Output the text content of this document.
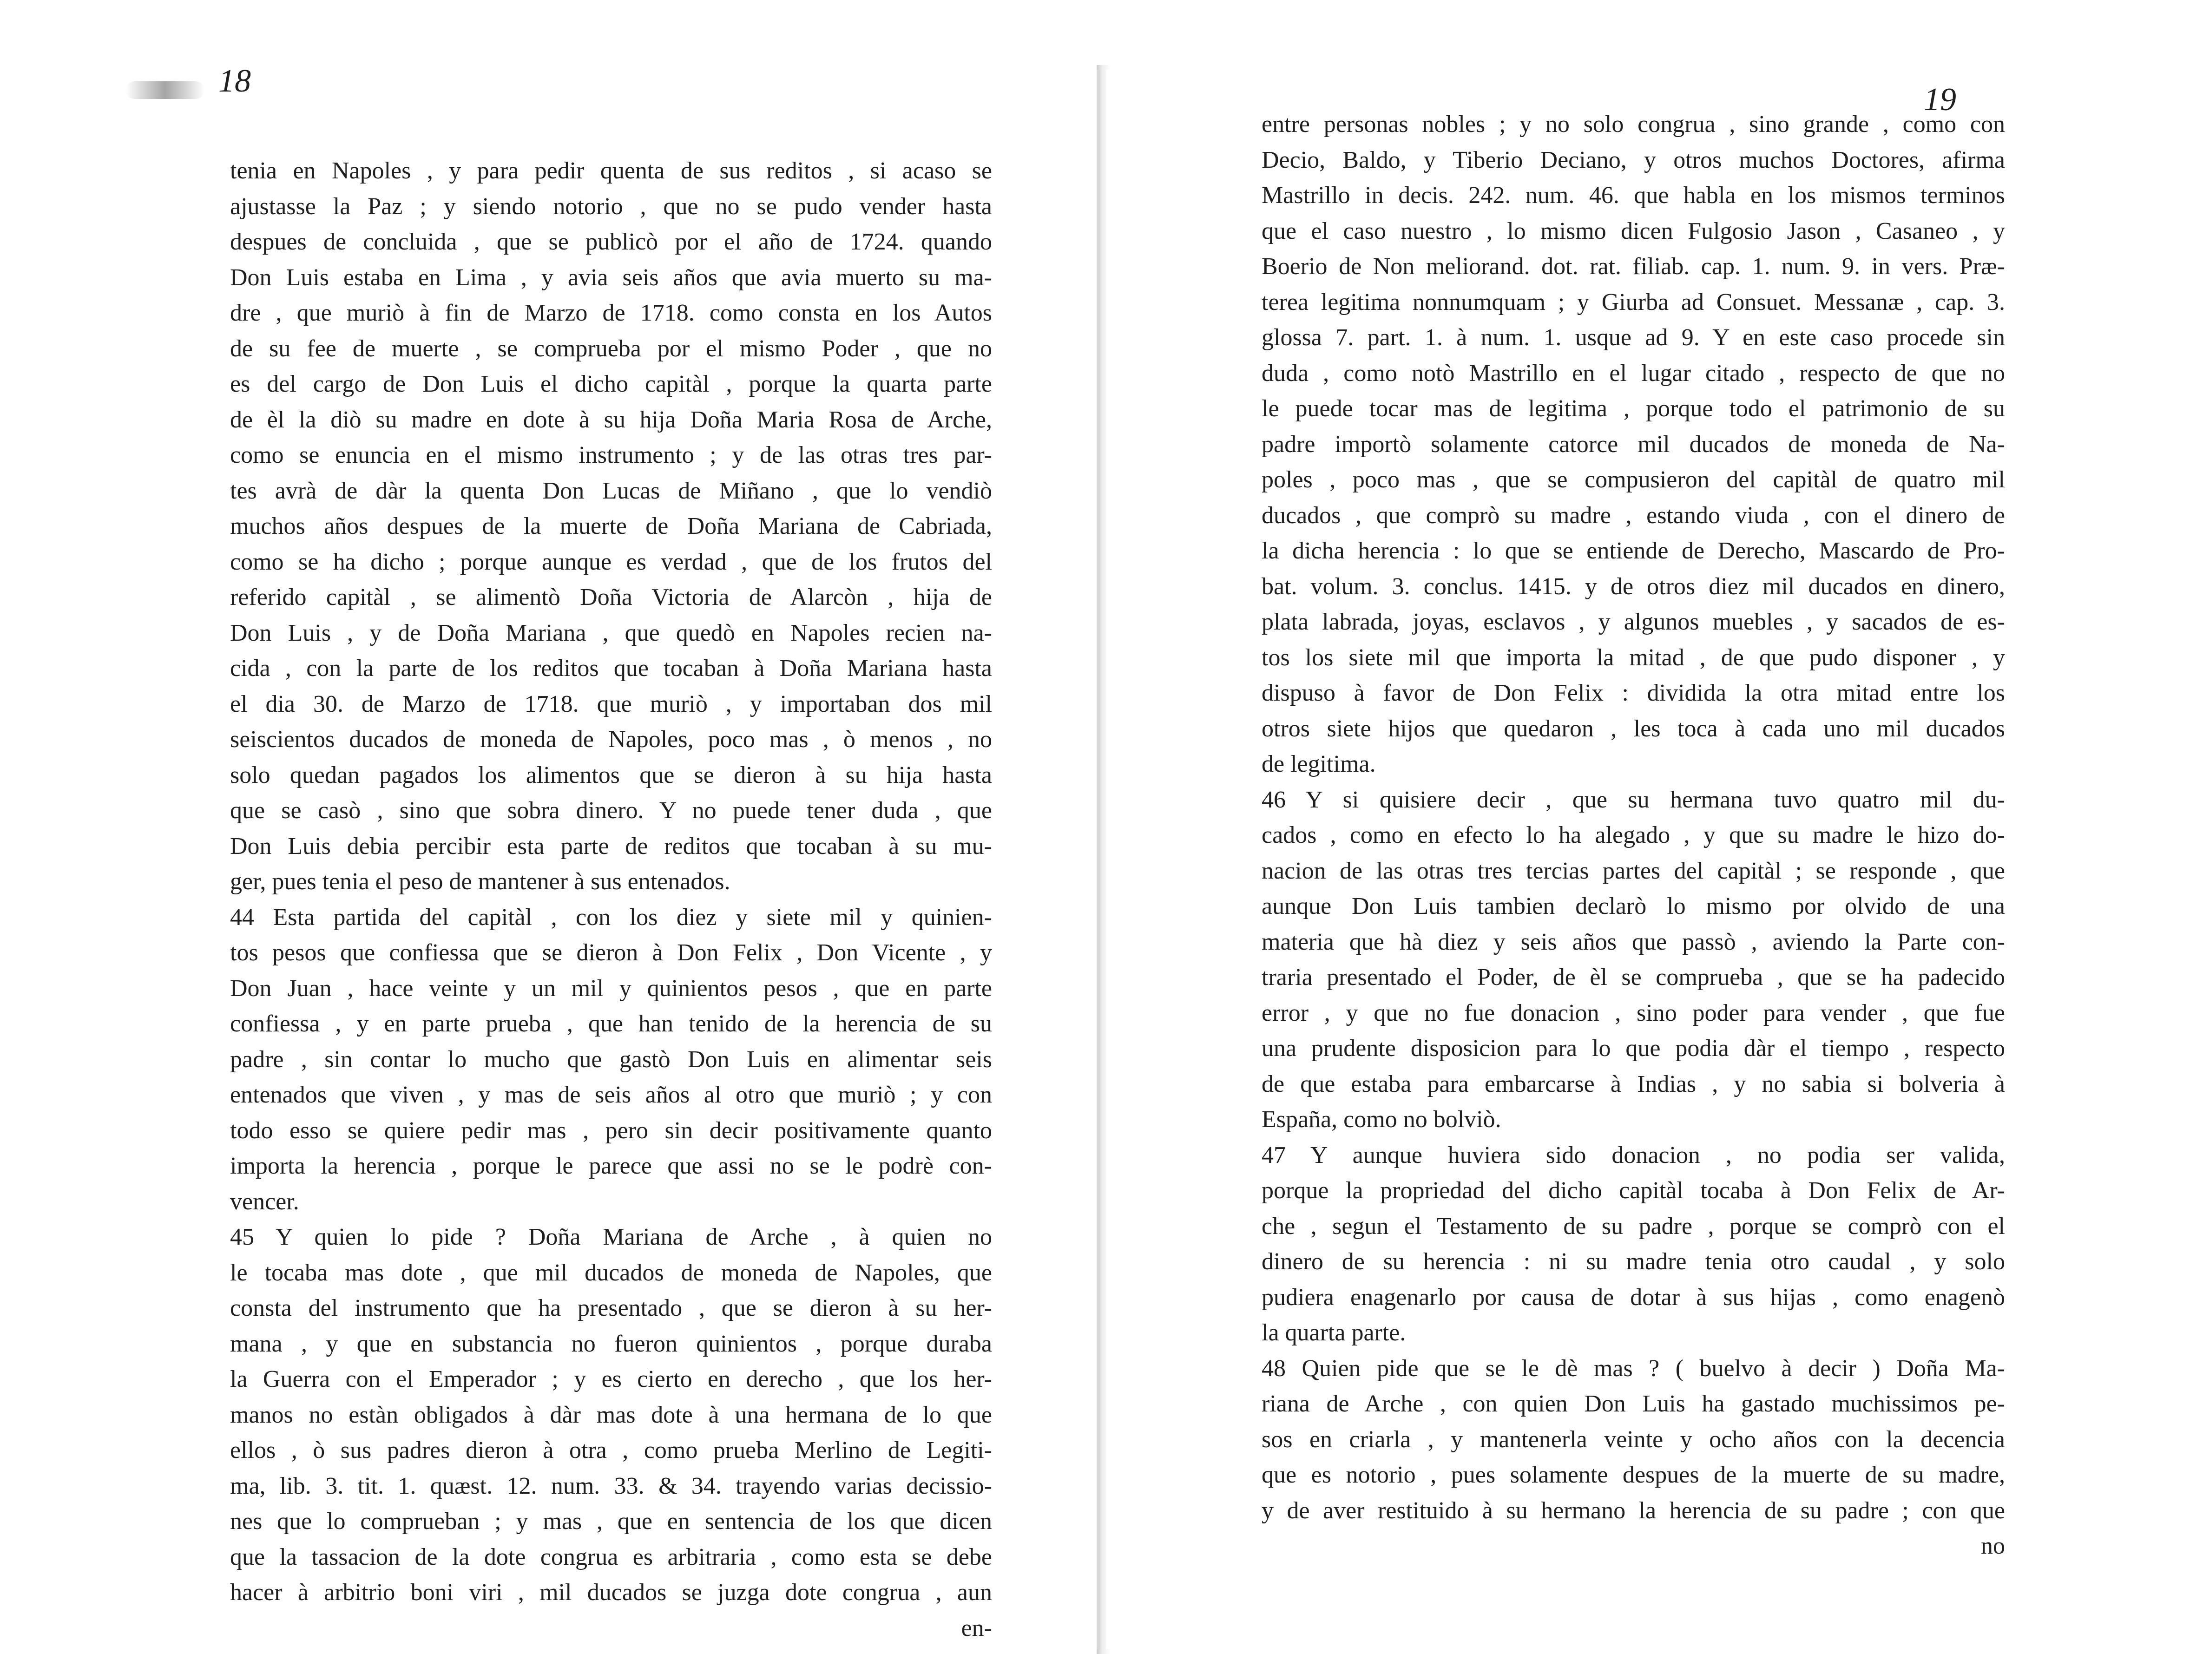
18
19
tenia en Napoles , y para pedir quenta de sus reditos , si acaso se
ajustasse la Paz ; y siendo notorio , que no se pudo vender hasta
despues de concluida , que se publicò por el año de 1724. quando
Don Luis estaba en Lima , y avia seis años que avia muerto su ma-
dre , que muriò à fin de Marzo de 1718. como consta en los Autos
de su fee de muerte , se comprueba por el mismo Poder , que no
es del cargo de Don Luis el dicho capitàl , porque la quarta parte
de èl la diò su madre en dote à su hija Doña Maria Rosa de Arche,
como se enuncia en el mismo instrumento ; y de las otras tres par-
tes avrà de dàr la quenta Don Lucas de Miñano , que lo vendiò
muchos años despues de la muerte de Doña Mariana de Cabriada,
como se ha dicho ; porque aunque es verdad , que de los frutos del
referido capitàl , se alimentò Doña Victoria de Alarcòn , hija de
Don Luis , y de Doña Mariana , que quedò en Napoles recien na-
cida , con la parte de los reditos que tocaban à Doña Mariana hasta
el dia 30. de Marzo de 1718. que muriò , y importaban dos mil
seiscientos ducados de moneda de Napoles, poco mas , ò menos , no
solo quedan pagados los alimentos que se dieron à su hija hasta
que se casò , sino que sobra dinero. Y no puede tener duda , que
Don Luis debia percibir esta parte de reditos que tocaban à su mu-
ger, pues tenia el peso de mantener à sus entenados.
44 Esta partida del capitàl , con los diez y siete mil y quinien-
tos pesos que confiessa que se dieron à Don Felix , Don Vicente , y
Don Juan , hace veinte y un mil y quinientos pesos , que en parte
confiessa , y en parte prueba , que han tenido de la herencia de su
padre , sin contar lo mucho que gastò Don Luis en alimentar seis
entenados que viven , y mas de seis años al otro que muriò ; y con
todo esso se quiere pedir mas , pero sin decir positivamente quanto
importa la herencia , porque le parece que assi no se le podrè con-
vencer.
45 Y quien lo pide ? Doña Mariana de Arche , à quien no
le tocaba mas dote , que mil ducados de moneda de Napoles, que
consta del instrumento que ha presentado , que se dieron à su her-
mana , y que en substancia no fueron quinientos , porque duraba
la Guerra con el Emperador ; y es cierto en derecho , que los her-
manos no estàn obligados à dàr mas dote à una hermana de lo que
ellos , ò sus padres dieron à otra , como prueba Merlino de Legiti-
ma, lib. 3. tit. 1. quæst. 12. num. 33. & 34. trayendo varias decissio-
nes que lo comprueban ; y mas , que en sentencia de los que dicen
que la tassacion de la dote congrua es arbitraria , como esta se debe
hacer à arbitrio boni viri , mil ducados se juzga dote congrua , aun
en-
entre personas nobles ; y no solo congrua , sino grande , como con
Decio, Baldo, y Tiberio Deciano, y otros muchos Doctores, afirma
Mastrillo in decis. 242. num. 46. que habla en los mismos terminos
que el caso nuestro , lo mismo dicen Fulgosio Jason , Casaneo , y
Boerio de Non meliorand. dot. rat. filiab. cap. 1. num. 9. in vers. Præ-
terea legitima nonnumquam ; y Giurba ad Consuet. Messanæ , cap. 3.
glossa 7. part. 1. à num. 1. usque ad 9. Y en este caso procede sin
duda , como notò Mastrillo en el lugar citado , respecto de que no
le puede tocar mas de legitima , porque todo el patrimonio de su
padre importò solamente catorce mil ducados de moneda de Na-
poles , poco mas , que se compusieron del capitàl de quatro mil
ducados , que comprò su madre , estando viuda , con el dinero de
la dicha herencia : lo que se entiende de Derecho, Mascardo de Pro-
bat. volum. 3. conclus. 1415. y de otros diez mil ducados en dinero,
plata labrada, joyas, esclavos , y algunos muebles , y sacados de es-
tos los siete mil que importa la mitad , de que pudo disponer , y
dispuso à favor de Don Felix : dividida la otra mitad entre los
otros siete hijos que quedaron , les toca à cada uno mil ducados
de legitima.
46 Y si quisiere decir , que su hermana tuvo quatro mil du-
cados , como en efecto lo ha alegado , y que su madre le hizo do-
nacion de las otras tres tercias partes del capitàl ; se responde , que
aunque Don Luis tambien declarò lo mismo por olvido de una
materia que hà diez y seis años que passò , aviendo la Parte con-
traria presentado el Poder, de èl se comprueba , que se ha padecido
error , y que no fue donacion , sino poder para vender , que fue
una prudente disposicion para lo que podia dàr el tiempo , respecto
de que estaba para embarcarse à Indias , y no sabia si bolveria à
España, como no bolviò.
47 Y aunque huviera sido donacion , no podia ser valida,
porque la propriedad del dicho capitàl tocaba à Don Felix de Ar-
che , segun el Testamento de su padre , porque se comprò con el
dinero de su herencia : ni su madre tenia otro caudal , y solo
pudiera enagenarlo por causa de dotar à sus hijas , como enagenò
la quarta parte.
48 Quien pide que se le dè mas ? ( buelvo à decir ) Doña Ma-
riana de Arche , con quien Don Luis ha gastado muchissimos pe-
sos en criarla , y mantenerla veinte y ocho años con la decencia
que es notorio , pues solamente despues de la muerte de su madre,
y de aver restituido à su hermano la herencia de su padre ; con que
no
